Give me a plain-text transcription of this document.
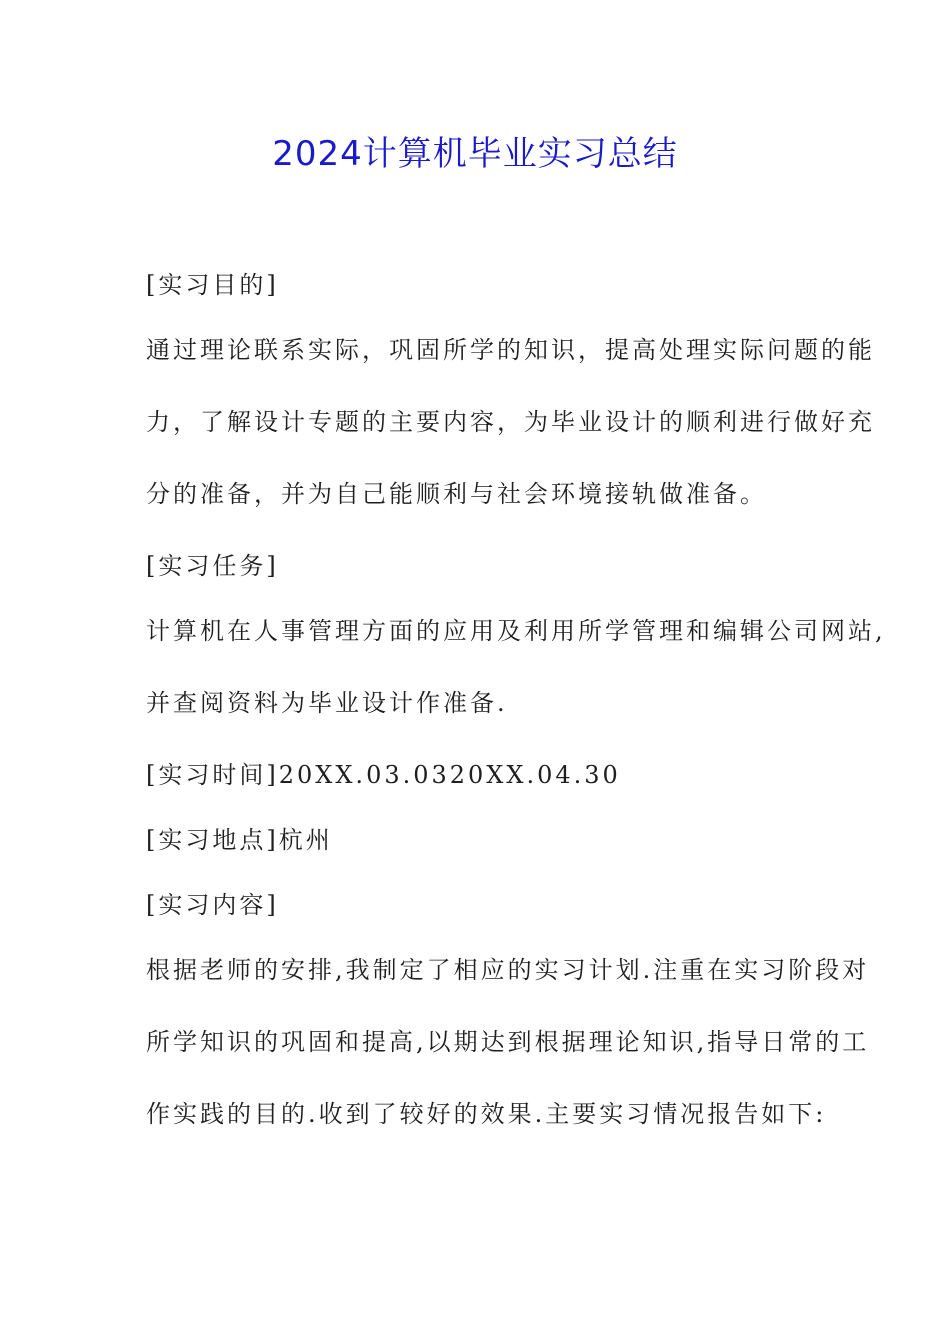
2024计算机毕业实习总结
[实习目的]
通过理论联系实际，巩固所学的知识，提高处理实际问题的能
力，了解设计专题的主要内容，为毕业设计的顺利进行做好充
分的准备，并为自己能顺利与社会环境接轨做准备。
[实习任务]
计算机在人事管理方面的应用及利用所学管理和编辑公司网站,
并查阅资料为毕业设计作准备.
[实习时间]20XX.03.0320XX.04.30
[实习地点]杭州
[实习内容]
根据老师的安排,我制定了相应的实习计划.注重在实习阶段对
所学知识的巩固和提高,以期达到根据理论知识,指导日常的工
作实践的目的.收到了较好的效果.主要实习情况报告如下:
